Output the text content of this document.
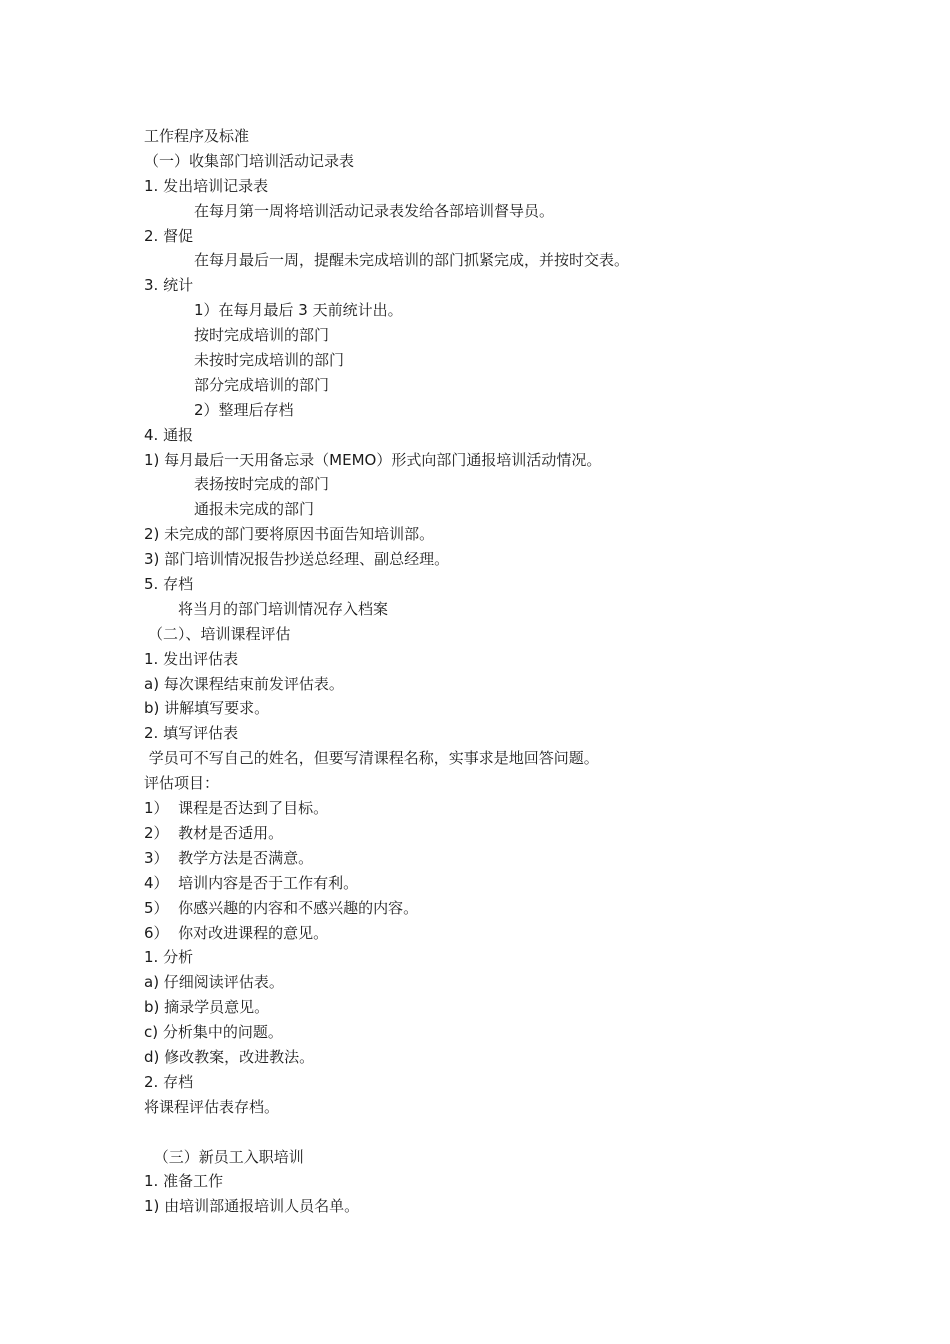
工作程序及标准
（一）收集部门培训活动记录表
1. 发出培训记录表
在每月第一周将培训活动记录表发给各部培训督导员。
2. 督促
在每月最后一周，提醒未完成培训的部门抓紧完成，并按时交表。
3. 统计
1）在每月最后 3 天前统计出。
按时完成培训的部门
未按时完成培训的部门
部分完成培训的部门
2）整理后存档
4. 通报
1) 每月最后一天用备忘录（MEMO）形式向部门通报培训活动情况。
表扬按时完成的部门
通报未完成的部门
2) 未完成的部门要将原因书面告知培训部。
3) 部门培训情况报告抄送总经理、副总经理。
5. 存档
将当月的部门培训情况存入档案
（二）、培训课程评估
1. 发出评估表
a) 每次课程结束前发评估表。
b) 讲解填写要求。
2. 填写评估表
学员可不写自己的姓名，但要写清课程名称，实事求是地回答问题。
评估项目：
1）  课程是否达到了目标。
2）  教材是否适用。
3）  教学方法是否满意。
4）  培训内容是否于工作有利。
5）  你感兴趣的内容和不感兴趣的内容。
6）  你对改进课程的意见。
1. 分析
a) 仔细阅读评估表。
b) 摘录学员意见。
c) 分析集中的问题。
d) 修改教案，改进教法。
2. 存档
将课程评估表存档。
（三）新员工入职培训
1. 准备工作
1) 由培训部通报培训人员名单。
